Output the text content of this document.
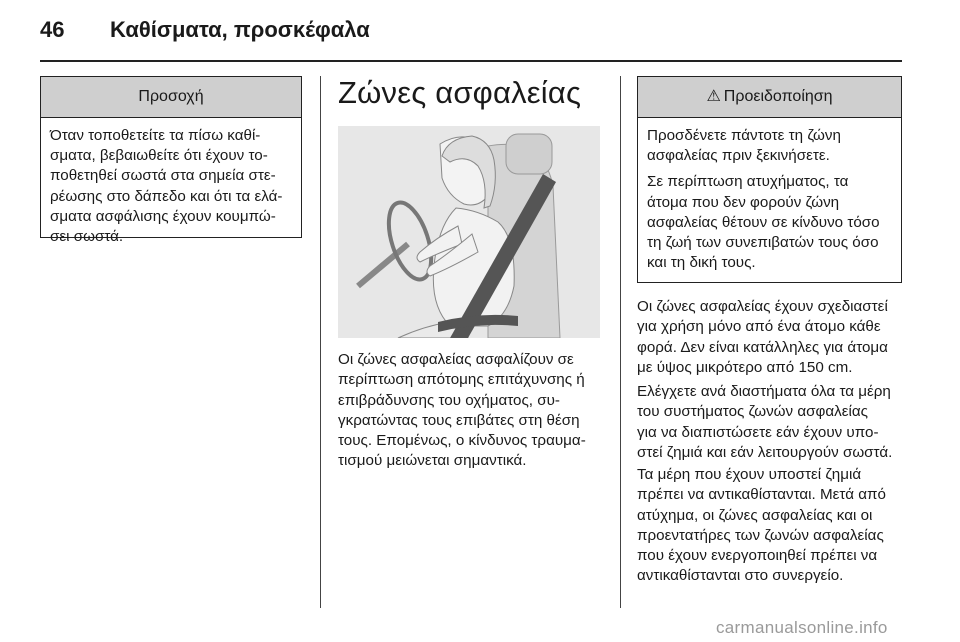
46 Καθίσματα, προσκέφαλα
Προσοχή
Όταν τοποθετείτε τα πίσω καθί-
σματα, βεβαιωθείτε ότι έχουν το-
ποθετηθεί σωστά στα σημεία στε-
ρέωσης στο δάπεδο και ότι τα ελά-
σματα ασφάλισης έχουν κουμπώ-
σει σωστά.
Ζώνες ασφαλείας
Οι ζώνες ασφαλείας ασφαλίζουν σε
περίπτωση απότομης επιτάχυνσης ή
επιβράδυνσης του οχήματος, συ-
γκρατώντας τους επιβάτες στη θέση
τους. Επομένως, ο κίνδυνος τραυμα-
τισμού μειώνεται σημαντικά.
⚠ Προειδοποίηση

Προσδένετε πάντοτε τη ζώνη
ασφαλείας πριν ξεκινήσετε.

Σε περίπτωση ατυχήματος, τα
άτομα που δεν φορούν ζώνη
ασφαλείας θέτουν σε κίνδυνο τόσο
τη ζωή των συνεπιβατών τους όσο
και τη δική τους.

Οι ζώνες ασφαλείας έχουν σχεδιαστεί
για χρήση μόνο από ένα άτομο κάθε
φορά. Δεν είναι κατάλληλες για άτομα
με ύψος μικρότερο από 150 cm.
Ελέγχετε ανά διαστήματα όλα τα μέρη
του συστήματος ζωνών ασφαλείας
για να διαπιστώσετε εάν έχουν υπο-
στεί ζημιά και εάν λειτουργούν σωστά.
Τα μέρη που έχουν υποστεί ζημιά
πρέπει να αντικαθίστανται. Μετά από
ατύχημα, οι ζώνες ασφαλείας και οι
προεντατήρες των ζωνών ασφαλείας
που έχουν ενεργοποιηθεί πρέπει να
αντικαθίστανται στο συνεργείο.
carmanualsonline.info
